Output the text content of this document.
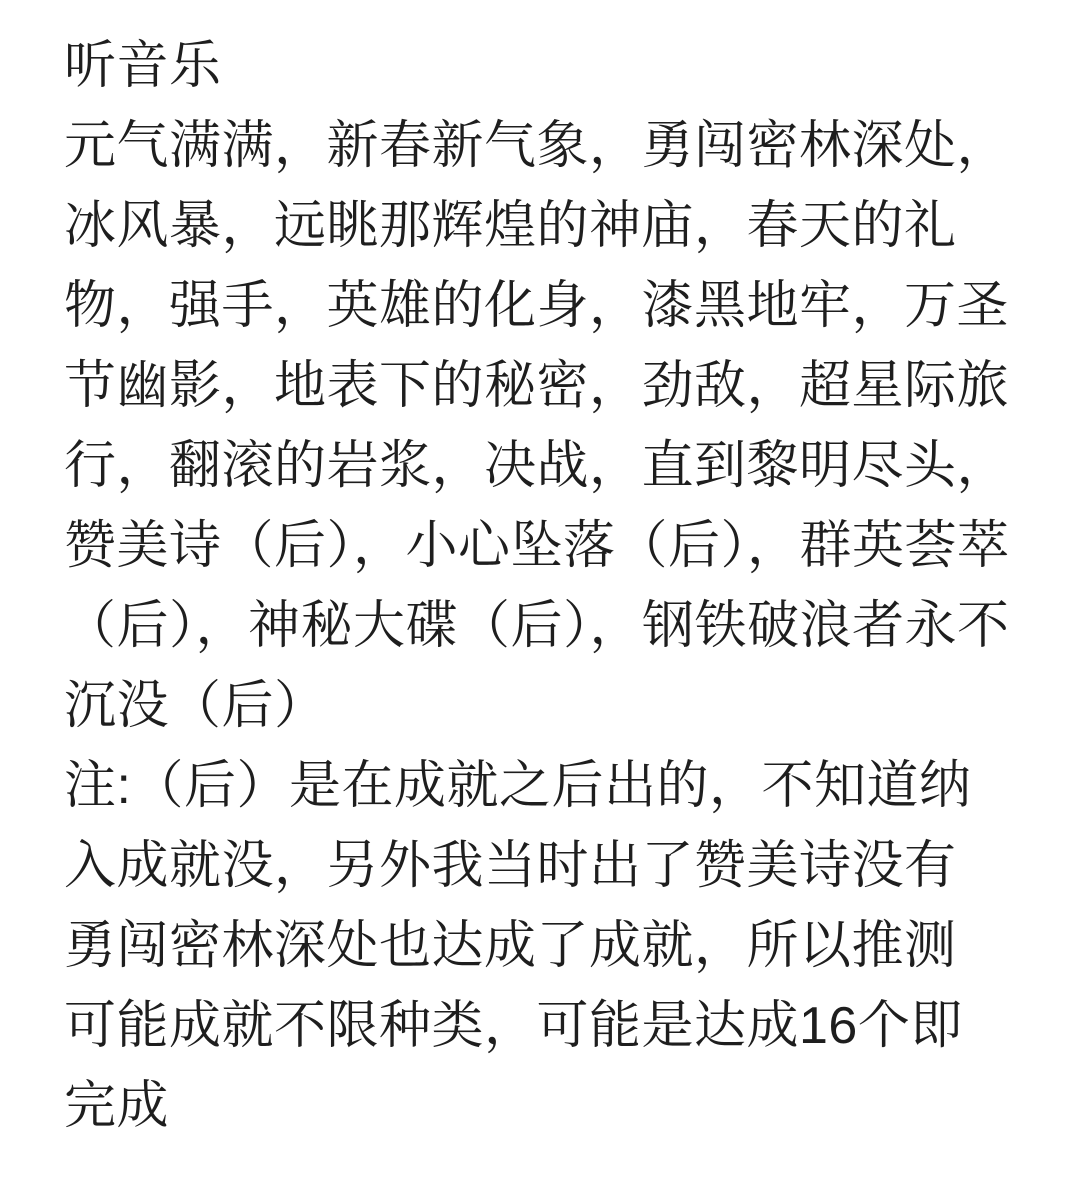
听音乐
元气满满，新春新气象，勇闯密林深处，
冰风暴，远眺那辉煌的神庙，春天的礼
物，强手，英雄的化身，漆黑地牢，万圣
节幽影，地表下的秘密，劲敌，超星际旅
行，翻滚的岩浆，决战，直到黎明尽头，
赞美诗（后），小心坠落（后），群英荟萃
（后），神秘大碟（后），钢铁破浪者永不
沉没（后）
注:（后）是在成就之后出的，不知道纳
入成就没，另外我当时出了赞美诗没有
勇闯密林深处也达成了成就，所以推测
可能成就不限种类，可能是达成16个即
完成
